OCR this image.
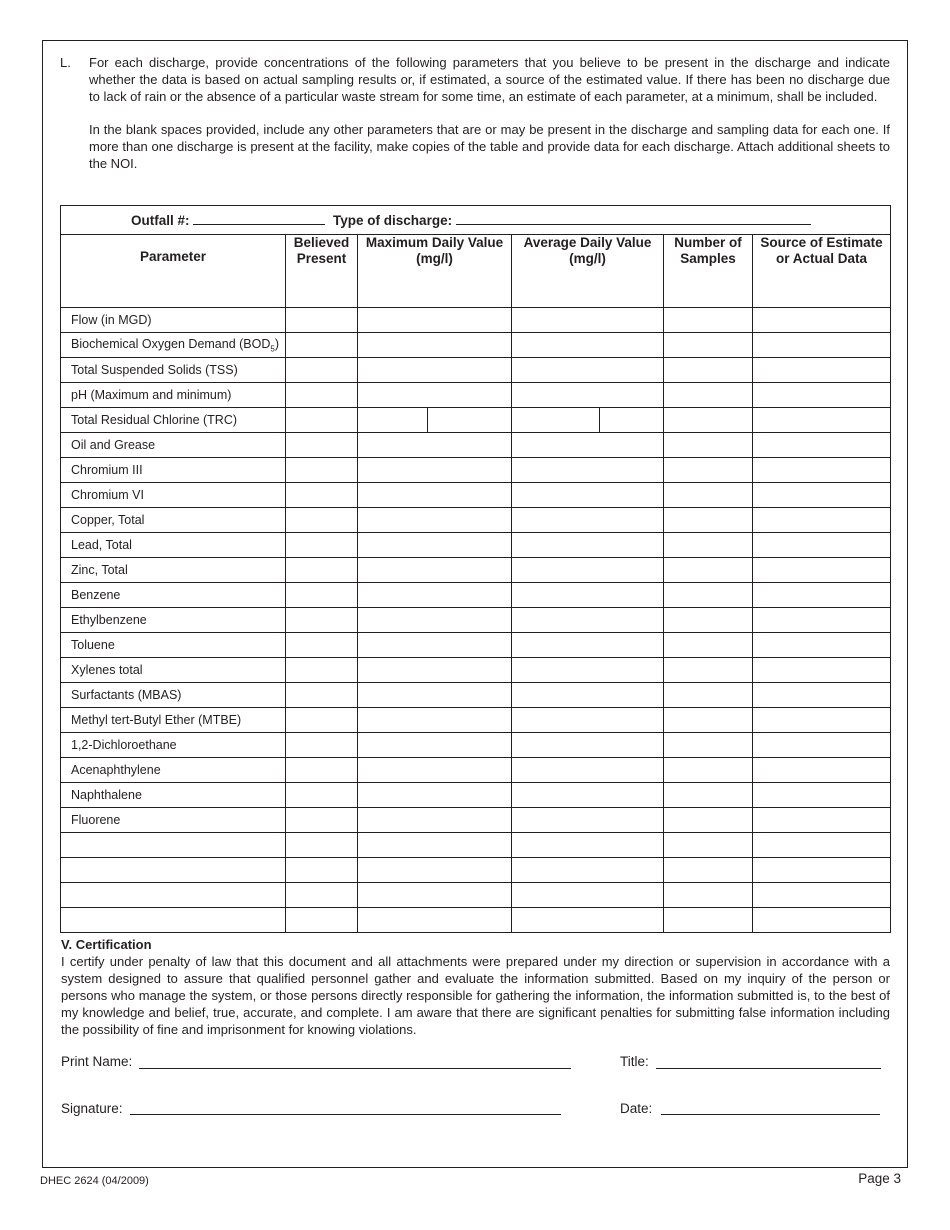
L. For each discharge, provide concentrations of the following parameters that you believe to be present in the discharge and indicate whether the data is based on actual sampling results or, if estimated, a source of the estimated value. If there has been no discharge due to lack of rain or the absence of a particular waste stream for some time, an estimate of each parameter, at a minimum, shall be included.
In the blank spaces provided, include any other parameters that are or may be present in the discharge and sampling data for each one. If more than one discharge is present at the facility, make copies of the table and provide data for each discharge. Attach additional sheets to the NOI.
Outfall #: Type of discharge:							

Parameter	Believed Present	Maximum Daily Value (mg/l)		Average Daily Value (mg/l)		Number of Samples	Source of Estimate or Actual Data
Flow (in MGD)							
Biochemical Oxygen Demand $(BOD_5)$							
Total Suspended Solids (TSS)							
pH (Maximum and minimum)							
Total Residual Chlorine (TRC)							
Oil and Grease							
Chromium III							
Chromium VI							
Copper, Total							
Lead, Total							
Zinc, Total							
Benzene							
Ethylbenzene							
Toluene							
Xylenes total							
Surfactants (MBAS)							
Methyl tert-Butyl Ether (MTBE)							
1,2-Dichloroethane							
Acenaphthylene							
Naphthalene							
Fluorene							

V. Certification

I certify under penalty of law that this document and all attachments were prepared under my direction or supervision in accordance with a system designed to assure that qualified personnel gather and evaluate the information submitted. Based on my inquiry of the person or persons who manage the system, or those persons directly responsible for gathering the information, the information submitted is, to the best of my knowledge and belief, true, accurate, and complete. I am aware that there are significant penalties for submitting false information including the possibility of fine and imprisonment for knowing violations.

Print Name:	Title:
Signature:	Date:
DHEC 2624 (04/2009)	Page 3
